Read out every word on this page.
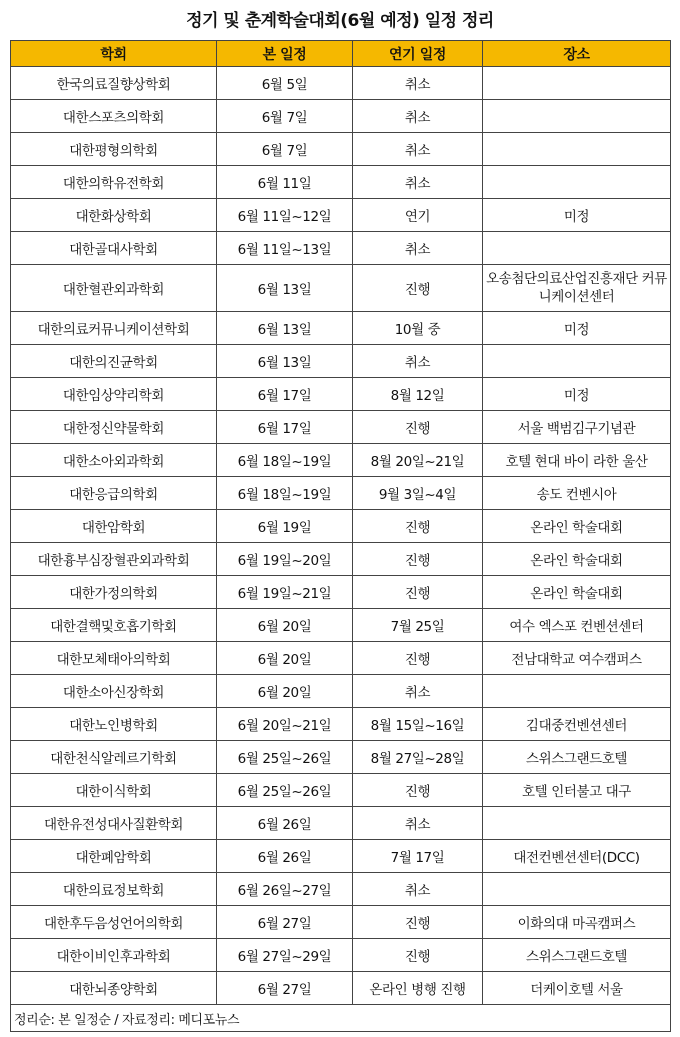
정기 및 춘계학술대회(6월 예정) 일정 정리
학회	본 일정	연기 일정	장소
한국의료질향상학회	6월 5일	취소	
대한스포츠의학회	6월 7일	취소	
대한평형의학회	6월 7일	취소	
대한의학유전학회	6월 11일	취소	
대한화상학회	6월 11일~12일	연기	미정
대한골대사학회	6월 11일~13일	취소	
대한혈관외과학회	6월 13일	진행	오송첨단의료산업진흥재단 커뮤니케이션센터
대한의료커뮤니케이션학회	6월 13일	10월 중	미정
대한의진균학회	6월 13일	취소	
대한임상약리학회	6월 17일	8월 12일	미정
대한정신약물학회	6월 17일	진행	서울 백범김구기념관
대한소아외과학회	6월 18일~19일	8월 20일~21일	호텔 현대 바이 라한 울산
대한응급의학회	6월 18일~19일	9월 3일~4일	송도 컨벤시아
대한암학회	6월 19일	진행	온라인 학술대회
대한흉부심장혈관외과학회	6월 19일~20일	진행	온라인 학술대회
대한가정의학회	6월 19일~21일	진행	온라인 학술대회
대한결핵및호흡기학회	6월 20일	7월 25일	여수 엑스포 컨벤션센터
대한모체태아의학회	6월 20일	진행	전남대학교 여수캠퍼스
대한소아신장학회	6월 20일	취소	
대한노인병학회	6월 20일~21일	8월 15일~16일	김대중컨벤션센터
대한천식알레르기학회	6월 25일~26일	8월 27일~28일	스위스그랜드호텔
대한이식학회	6월 25일~26일	진행	호텔 인터불고 대구
대한유전성대사질환학회	6월 26일	취소	
대한폐암학회	6월 26일	7월 17일	대전컨벤션센터(DCC)
대한의료정보학회	6월 26일~27일	취소	
대한후두음성언어의학회	6월 27일	진행	이화의대 마곡캠퍼스
대한이비인후과학회	6월 27일~29일	진행	스위스그랜드호텔
대한뇌종양학회	6월 27일	온라인 병행 진행	더케이호텔 서울
정리순: 본 일정순 / 자료정리: 메디포뉴스			
